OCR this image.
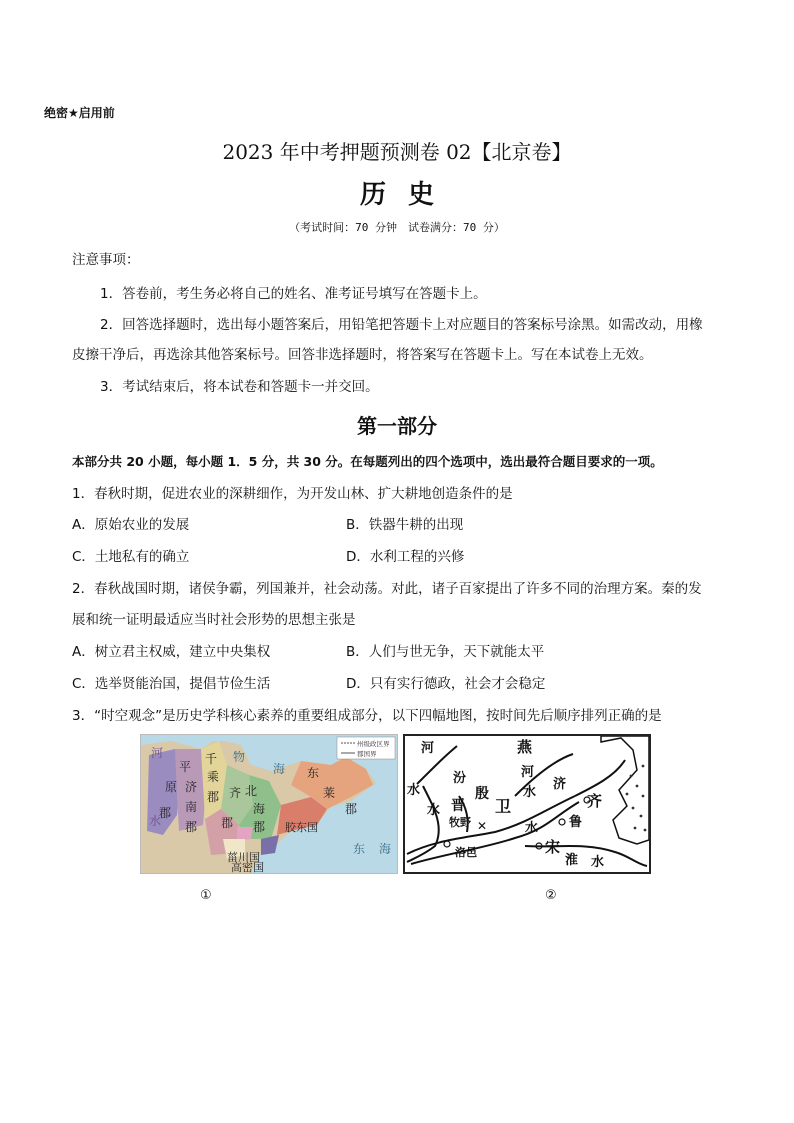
绝密★启用前
2023 年中考押题预测卷 02【北京卷】
历史
（考试时间：70 分钟　试卷满分：70 分）
注意事项：
1．答卷前，考生务必将自己的姓名、准考证号填写在答题卡上。
2．回答选择题时，选出每小题答案后，用铅笔把答题卡上对应题目的答案标号涂黑。如需改动，用橡
皮擦干净后，再选涂其他答案标号。回答非选择题时，将答案写在答题卡上。写在本试卷上无效。
3．考试结束后，将本试卷和答题卡一并交回。
第一部分
本部分共 20 小题，每小题 1．5 分，共 30 分。在每题列出的四个选项中，选出最符合题目要求的一项。
1．春秋时期，促进农业的深耕细作，为开发山林、扩大耕地创造条件的是
A．原始农业的发展	B．铁器牛耕的出现
C．土地私有的确立	D．水利工程的兴修
2．春秋战国时期，诸侯争霸，列国兼并，社会动荡。对此，诸子百家提出了许多不同的治理方案。秦的发
展和统一证明最适应当时社会形势的思想主张是
A．树立君主权威，建立中央集权	B．人们与世无争，天下就能太平
C．选举贤能治国，提倡节俭生活	D．只有实行德政，社会才会稳定
3．“时空观念”是历史学科核心素养的重要组成部分，以下四幅地图，按时间先后顺序排列正确的是
河
水
平
原
郡
济
南
郡
千
乘
郡 齐
郡
北
海
郡
物
海 东
莱
郡
胶东国
菑川国
高密国
东 海
州级政区界
郡国界
①
河	燕
河
水
汾
水
水 晋
殷
卫
济
齐
牧野	水 鲁
洛邑	宋
淮 水
✕
②
